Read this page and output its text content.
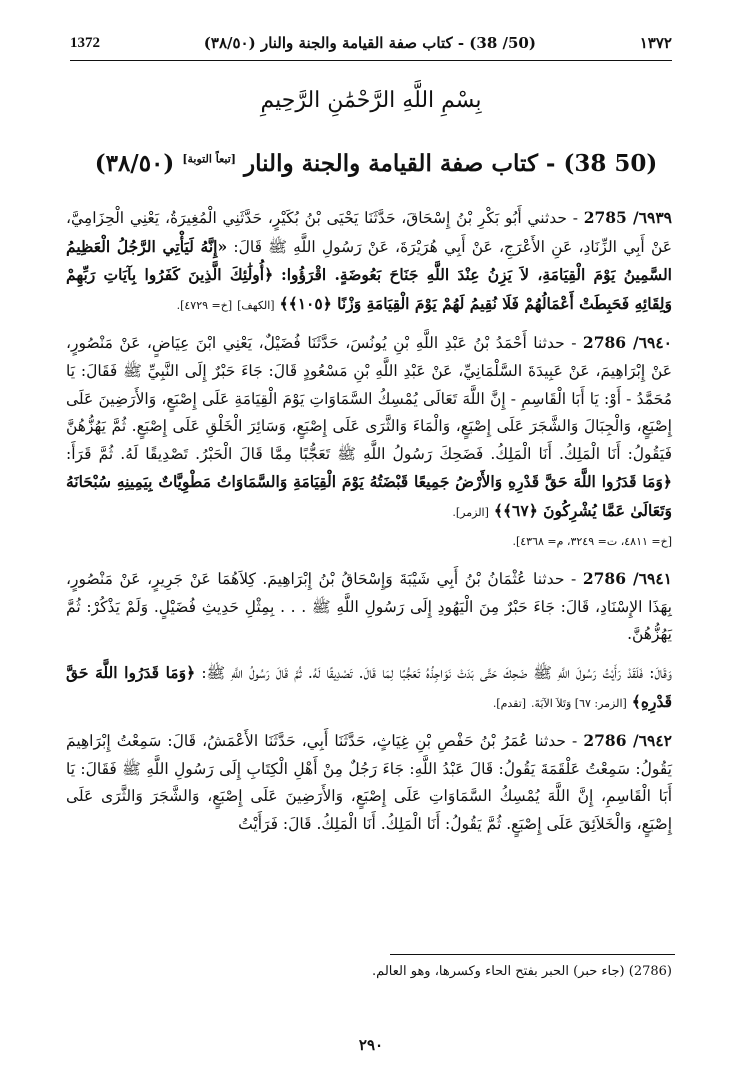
1372	(50/ 38) - كتاب صفة القيامة والجنة والنار (٣٨/٥٠)	١٣٧٢
بِسْمِ اللَّهِ الرَّحْمَٰنِ الرَّحِيمِ
(50 38) - كتاب صفة القيامة والجنة والنار [تبعاً التوبة] (٣٨/٥٠)

٦٩٣٩/ 2785 - حدثني أَبُو بَكْرِ بْنُ إِسْحَاقَ، حَدَّثَنَا يَحْيَى بْنُ بُكَيْرٍ، حَدَّثَنِي الْمُغِيرَةُ، يَعْنِي الْحِزَامِيَّ، عَنْ أَبِي الزِّنَادِ، عَنِ الأَعْرَجِ، عَنْ أَبِي هُرَيْرَةَ، عَنْ رَسُولِ اللَّهِ ﷺ قَالَ: «إِنَّهُ لَيَأْتِي الرَّجُلُ الْعَظِيمُ السَّمِينُ يَوْمَ الْقِيَامَةِ، لاَ يَزِنُ عِنْدَ اللَّهِ جَنَاحَ بَعُوضَةٍ. اقْرَؤُوا: ﴿أُولَٰئِكَ الَّذِينَ كَفَرُوا بِآيَاتِ رَبِّهِمْ وَلِقَائِهِ فَحَبِطَتْ أَعْمَالُهُمْ فَلَا نُقِيمُ لَهُمْ يَوْمَ الْقِيَامَةِ وَزْنًا ﴿١٠٥﴾﴾ [الكهف] [خ= ٤٧٢٩].

٦٩٤٠/ 2786 - حدثنا أَحْمَدُ بْنُ عَبْدِ اللَّهِ بْنِ يُونُسَ، حَدَّثَنَا فُضَيْلٌ، يَعْنِي ابْنَ عِيَاضٍ، عَنْ مَنْصُورٍ، عَنْ إِبْرَاهِيمَ، عَنْ عَبِيدَةَ السَّلْمَانِيِّ، عَنْ عَبْدِ اللَّهِ بْنِ مَسْعُودٍ قَالَ: جَاءَ حَبْرٌ إِلَى النَّبِيِّ ﷺ فَقَالَ: يَا مُحَمَّدُ - أَوْ: يَا أَبَا الْقَاسِمِ - إِنَّ اللَّهَ تَعَالَى يُمْسِكُ السَّمَاوَاتِ يَوْمَ الْقِيَامَةِ عَلَى إِصْبَعٍ، وَالأَرَضِينَ عَلَى إِصْبَعٍ، وَالْجِبَالَ وَالشَّجَرَ عَلَى إِصْبَعٍ، وَالْمَاءَ وَالثَّرَى عَلَى إِصْبَعٍ، وَسَائِرَ الْخَلْقِ عَلَى إِصْبَعٍ. ثُمَّ يَهُزُّهُنَّ فَيَقُولُ: أَنَا الْمَلِكُ. أَنَا الْمَلِكُ. فَضَحِكَ رَسُولُ اللَّهِ ﷺ تَعَجُّبًا مِمَّا قَالَ الْحَبْرُ. تَصْدِيقًا لَهُ. ثُمَّ قَرَأَ: ﴿وَمَا قَدَرُوا اللَّهَ حَقَّ قَدْرِهِ وَالأَرْضُ جَمِيعًا قَبْضَتُهُ يَوْمَ الْقِيَامَةِ وَالسَّمَاوَاتُ مَطْوِيَّاتٌ بِيَمِينِهِ سُبْحَانَهُ وَتَعَالَىٰ عَمَّا يُشْرِكُونَ ﴿٦٧﴾﴾ [الزمر].
[خ= ٤٨١١، ت= ٣٢٤٩، م= ٤٣٦٨].

٦٩٤١/ 2786 - حدثنا عُثْمَانُ بْنُ أَبِي شَيْبَةَ وَإِسْحَاقُ بْنُ إِبْرَاهِيمَ. كِلاَهُمَا عَنْ جَرِيرٍ، عَنْ مَنْصُورٍ، بِهَذَا الإِسْنَادِ، قَالَ: جَاءَ حَبْرٌ مِنَ الْيَهُودِ إِلَى رَسُولِ اللَّهِ ﷺ . . . بِمِثْلِ حَدِيثِ فُضَيْلٍ. وَلَمْ يَذْكُرْ: ثُمَّ يَهُزُّهُنَّ.

وَقَالَ: فَلَقَدْ رَأَيْتُ رَسُولَ اللَّهِ ﷺ ضَحِكَ حَتَّى بَدَتْ نَوَاجِذُهُ تَعَجُّبًا لِمَا قَالَ. تَصْدِيقًا لَهُ. ثُمَّ قَالَ رَسُولُ اللَّهِ ﷺ: ﴿وَمَا قَدَرُوا اللَّهَ حَقَّ قَدْرِهِ﴾ [الزمر: ٦٧] وَتَلاَ الآيَةَ. [تقدم].

٦٩٤٢/ 2786 - حدثنا عُمَرُ بْنُ حَفْصِ بْنِ غِيَاثٍ، حَدَّثَنَا أَبِي، حَدَّثَنَا الأَعْمَشُ، قَالَ: سَمِعْتُ إِبْرَاهِيمَ يَقُولُ: سَمِعْتُ عَلْقَمَةَ يَقُولُ: قَالَ عَبْدُ اللَّهِ: جَاءَ رَجُلٌ مِنْ أَهْلِ الْكِتَابِ إِلَى رَسُولِ اللَّهِ ﷺ فَقَالَ: يَا أَبَا الْقَاسِمِ، إِنَّ اللَّهَ يُمْسِكُ السَّمَاوَاتِ عَلَى إِصْبَعٍ، وَالأَرَضِينَ عَلَى إِصْبَعٍ، وَالشَّجَرَ وَالثَّرَى عَلَى إِصْبَعٍ، وَالْخَلاَئِقَ عَلَى إِصْبَعٍ. ثُمَّ يَقُولُ: أَنَا الْمَلِكُ. أَنَا الْمَلِكُ. قَالَ: فَرَأَيْتُ

(2786) (جاء حبر) الحبر بفتح الحاء وكسرها، وهو العالم.
٢٩٠
